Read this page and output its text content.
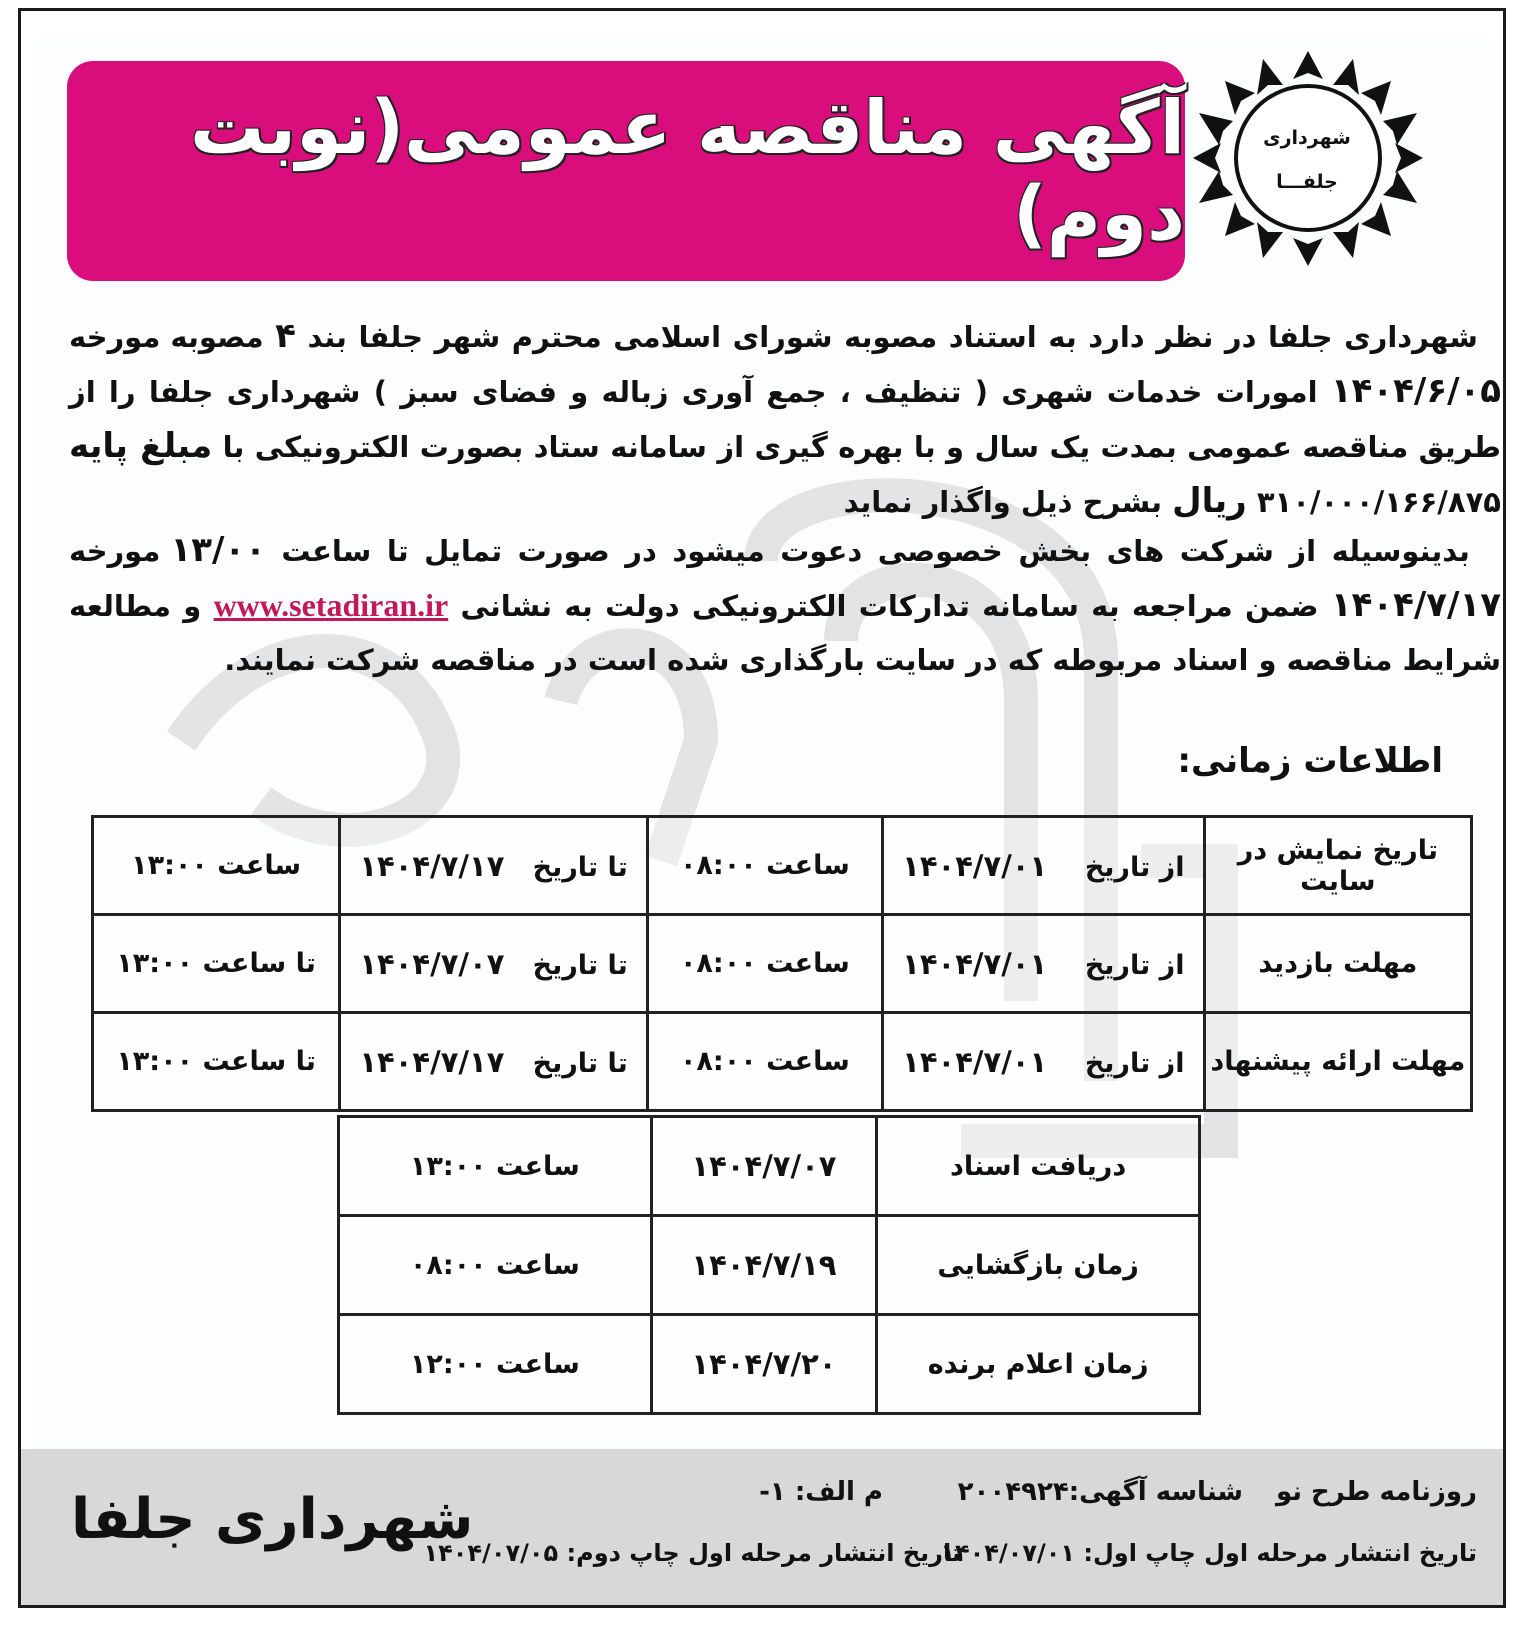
شهرداری
جلفـــا
آگهی مناقصه عمومی(نوبت دوم)
شهرداری جلفا در نظر دارد به استناد مصوبه شورای اسلامی محترم شهر جلفا بند ۴ مصوبه مورخه ۱۴۰۴/۶/۰۵ امورات خدمات شهری ( تنظیف ، جمع آوری زباله و فضای سبز ) شهرداری جلفا را از طریق مناقصه عمومی بمدت یک سال و با بهره گیری از سامانه ستاد بصورت الکترونیکی با مبلغ پایه ۳۱۰/۰۰۰/۱۶۶/۸۷۵ ریال بشرح ذیل واگذار نماید
بدینوسیله از شرکت های بخش خصوصی دعوت میشود در صورت تمایل تا ساعت ۱۳/۰۰ مورخه ۱۴۰۴/۷/۱۷ ضمن مراجعه به سامانه تدارکات الکترونیکی دولت به نشانی www.setadiran.ir و مطالعه شرایط مناقصه و اسناد مربوطه که در سایت بارگذاری شده است در مناقصه شرکت نمایند.
اطلاعات زمانی:
تاریخ نمایش در سایت	از تاریخ    ۱۴۰۴/۷/۰۱	ساعت ۰۸:۰۰	تا تاریخ   ۱۴۰۴/۷/۱۷	ساعت ۱۳:۰۰
مهلت بازدید	از تاریخ    ۱۴۰۴/۷/۰۱	ساعت ۰۸:۰۰	تا تاریخ   ۱۴۰۴/۷/۰۷	تا ساعت ۱۳:۰۰
مهلت ارائه پیشنهاد	از تاریخ    ۱۴۰۴/۷/۰۱	ساعت ۰۸:۰۰	تا تاریخ   ۱۴۰۴/۷/۱۷	تا ساعت ۱۳:۰۰
دریافت اسناد	۱۴۰۴/۷/۰۷	ساعت ۱۳:۰۰
زمان بازگشایی	۱۴۰۴/۷/۱۹	ساعت ۰۸:۰۰
زمان اعلام برنده	۱۴۰۴/۷/۲۰	ساعت ۱۲:۰۰
روزنامه طرح نو
شناسه آگهی:۲۰۰۴۹۲۴
م الف: ۱-
تاریخ انتشار مرحله اول چاپ اول: ۱۴۰۴/۰۷/۰۱
تاریخ انتشار مرحله اول چاپ دوم: ۱۴۰۴/۰۷/۰۵
شهرداری جلفا
